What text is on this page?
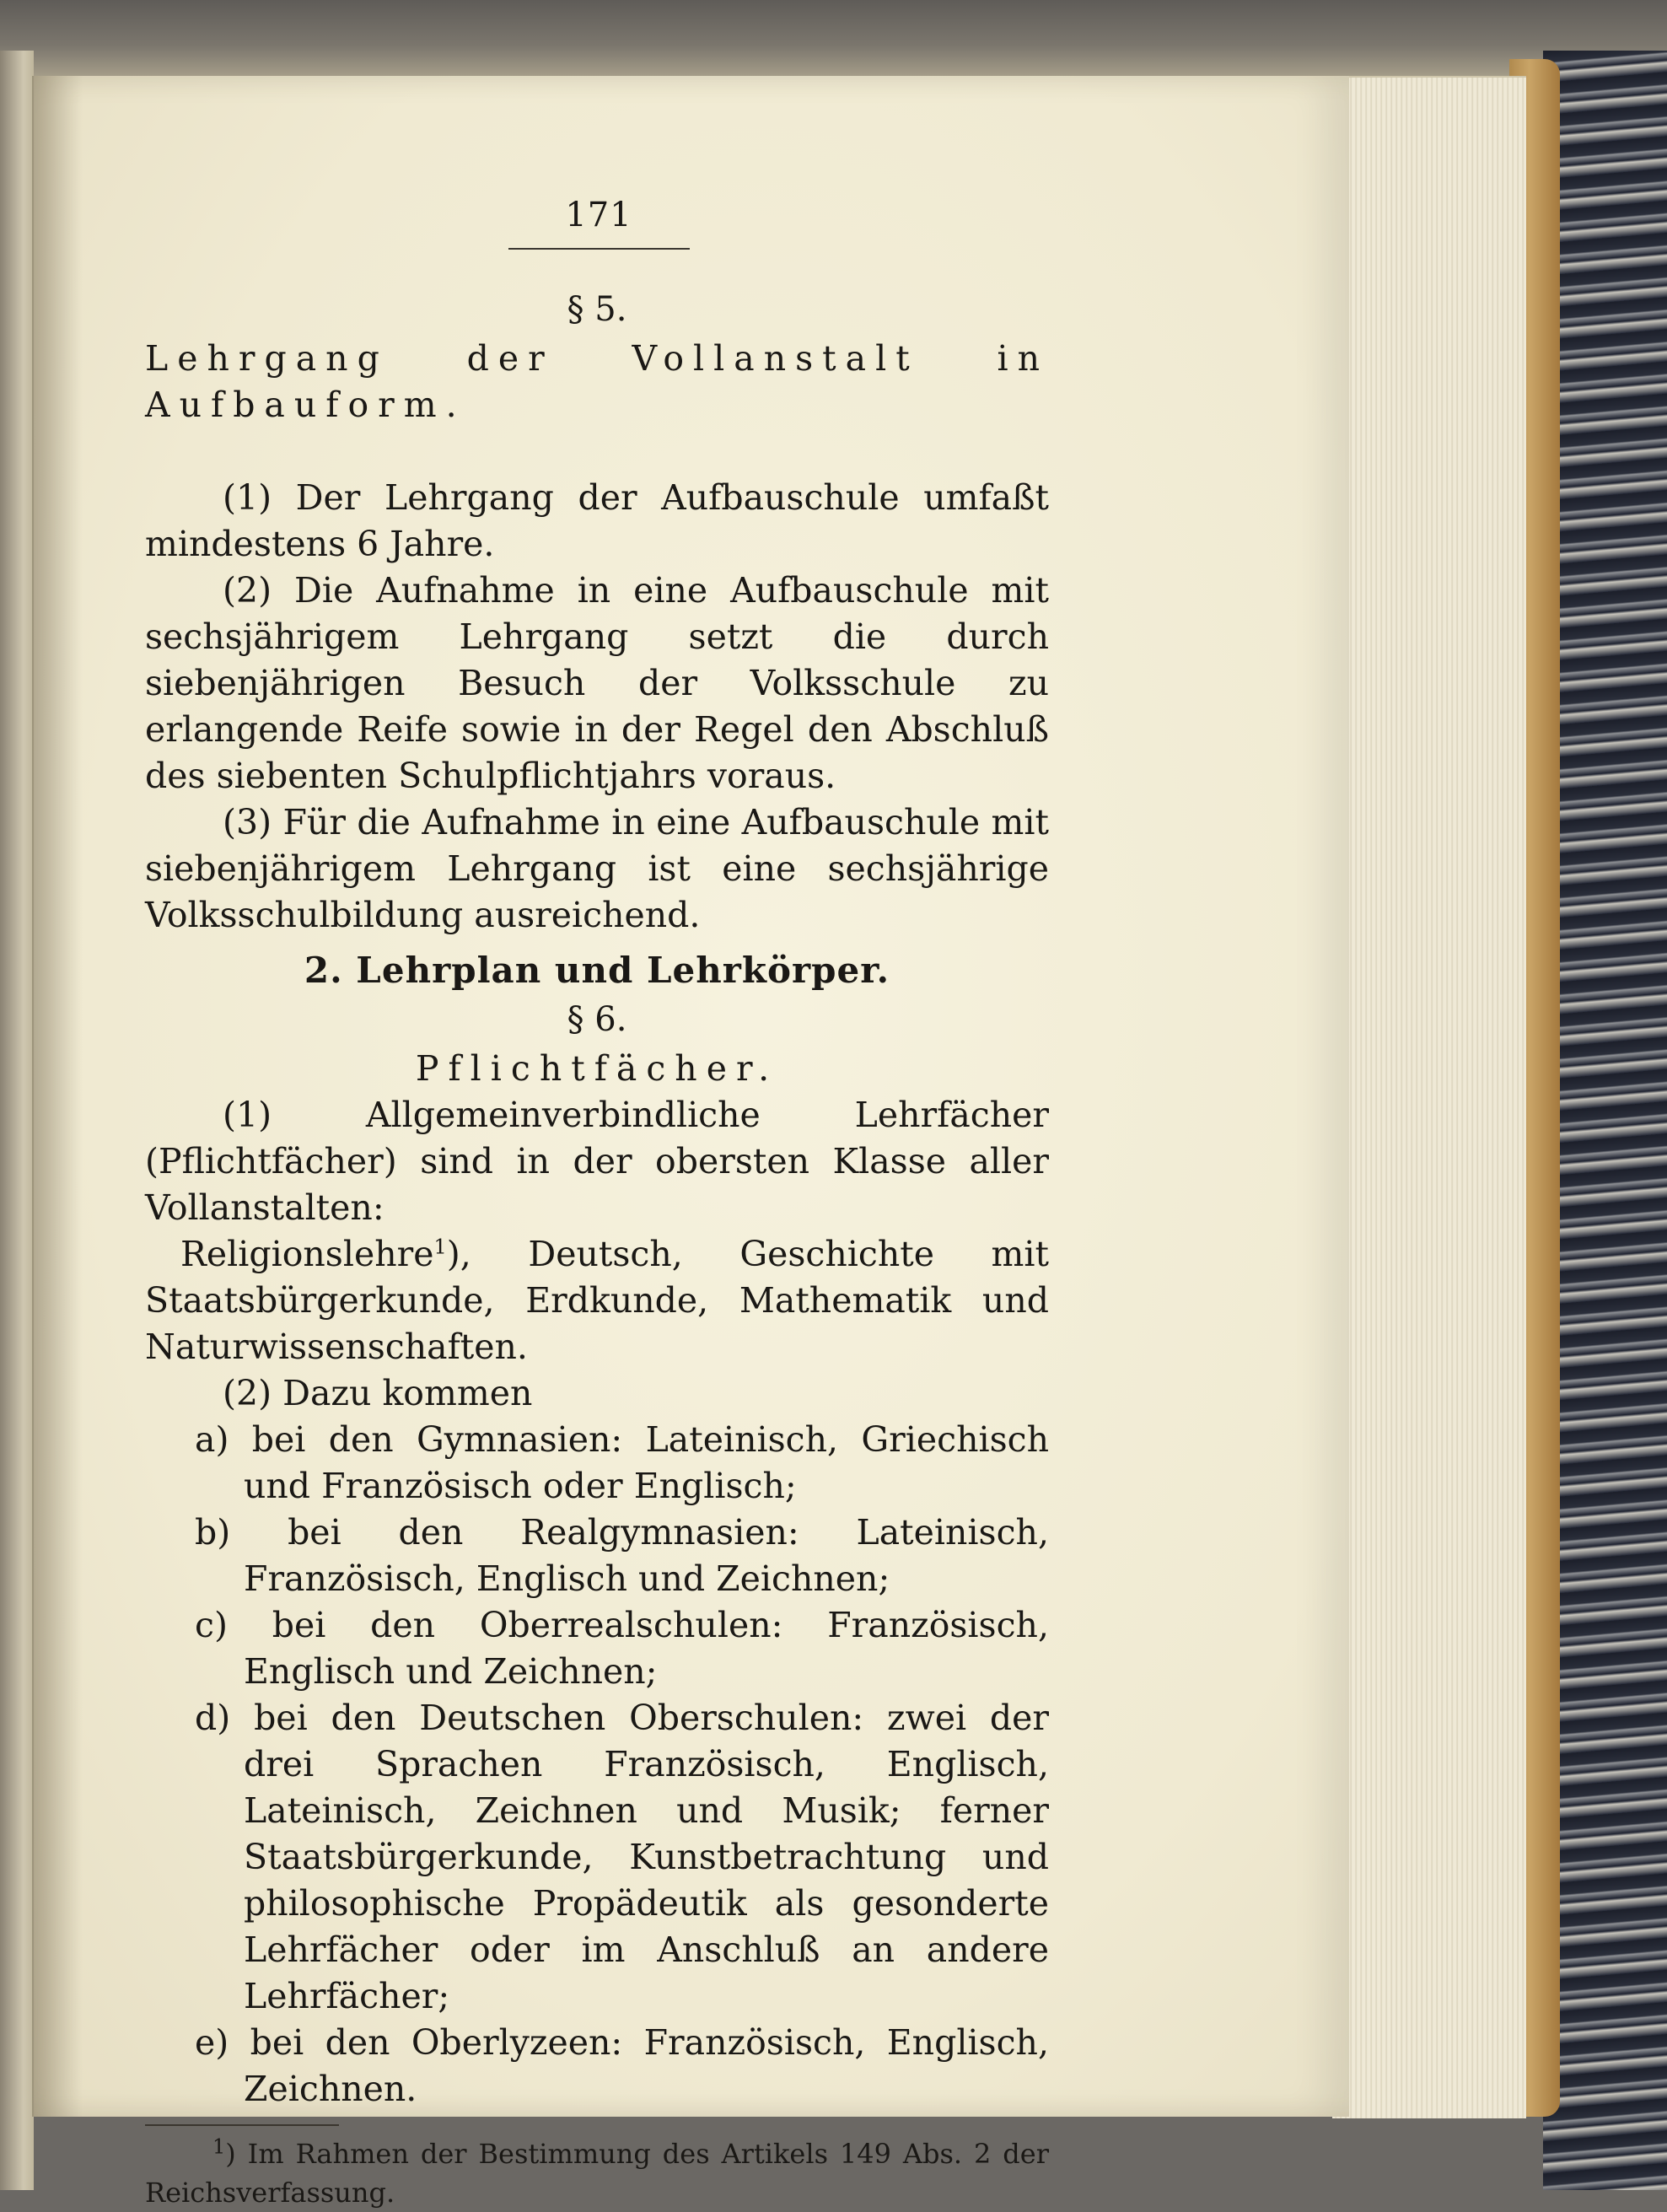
171
§ 5.
Lehrgang der Vollanstalt in Aufbauform.
(1) Der Lehrgang der Aufbauschule umfaßt mindestens 6 Jahre.
(2) Die Aufnahme in eine Aufbauschule mit sechsjährigem Lehrgang setzt die durch siebenjährigen Besuch der Volksschule zu erlangende Reife sowie in der Regel den Abschluß des siebenten Schulpflichtjahrs voraus.
(3) Für die Aufnahme in eine Aufbauschule mit siebenjährigem Lehrgang ist eine sechsjährige Volksschulbildung ausreichend.
2. Lehrplan und Lehrkörper.
§ 6.
Pflichtfächer.
(1) Allgemeinverbindliche Lehrfächer (Pflichtfächer) sind in der obersten Klasse aller Vollanstalten:
Religionslehre$^1$), Deutsch, Geschichte mit Staatsbürgerkunde, Erdkunde, Mathematik und Naturwissenschaften.
(2) Dazu kommen
a) bei den Gymnasien: Lateinisch, Griechisch und Französisch oder Englisch;
b) bei den Realgymnasien: Lateinisch, Französisch, Englisch und Zeichnen;
c) bei den Oberrealschulen: Französisch, Englisch und Zeichnen;
d) bei den Deutschen Oberschulen: zwei der drei Sprachen Französisch, Englisch, Lateinisch, Zeichnen und Musik; ferner Staatsbürgerkunde, Kunstbetrachtung und philosophische Propädeutik als gesonderte Lehrfächer oder im Anschluß an andere Lehrfächer;
e) bei den Oberlyzeen: Französisch, Englisch, Zeichnen.
$^1$) Im Rahmen der Bestimmung des Artikels 149 Abs. 2 der Reichsverfassung.
